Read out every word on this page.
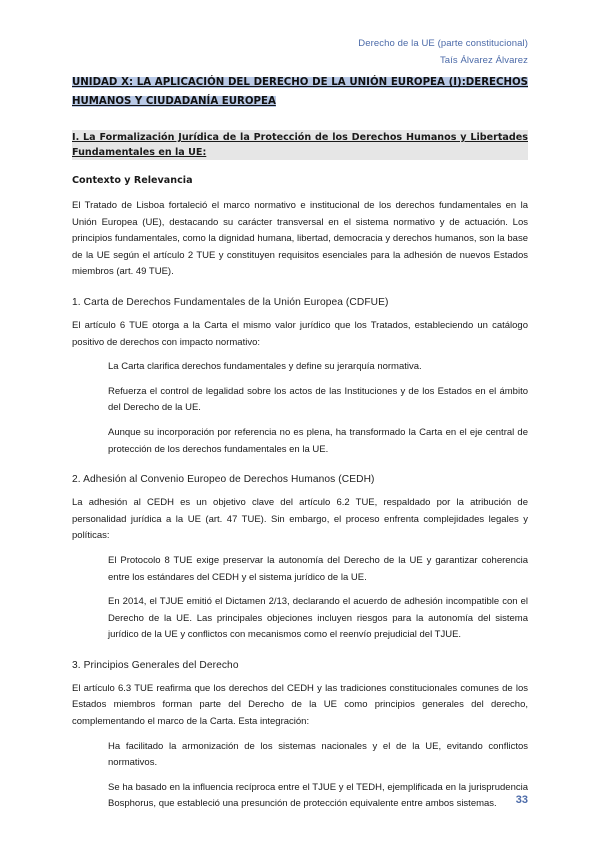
Derecho de la UE (parte constitucional)
Taís Álvarez Álvarez
UNIDAD X: LA APLICACIÓN DEL DERECHO DE LA UNIÓN EUROPEA (I):DERECHOS HUMANOS Y CIUDADANÍA EUROPEA
I. La Formalización Jurídica de la Protección de los Derechos Humanos y Libertades Fundamentales en la UE:
Contexto y Relevancia

El Tratado de Lisboa fortaleció el marco normativo e institucional de los derechos fundamentales en la Unión Europea (UE), destacando su carácter transversal en el sistema normativo y de actuación. Los principios fundamentales, como la dignidad humana, libertad, democracia y derechos humanos, son la base de la UE según el artículo 2 TUE y constituyen requisitos esenciales para la adhesión de nuevos Estados miembros (art. 49 TUE).

1. Carta de Derechos Fundamentales de la Unión Europea (CDFUE)

El artículo 6 TUE otorga a la Carta el mismo valor jurídico que los Tratados, estableciendo un catálogo positivo de derechos con impacto normativo:

La Carta clarifica derechos fundamentales y define su jerarquía normativa.

Refuerza el control de legalidad sobre los actos de las Instituciones y de los Estados en el ámbito del Derecho de la UE.

Aunque su incorporación por referencia no es plena, ha transformado la Carta en el eje central de protección de los derechos fundamentales en la UE.

2. Adhesión al Convenio Europeo de Derechos Humanos (CEDH)

La adhesión al CEDH es un objetivo clave del artículo 6.2 TUE, respaldado por la atribución de personalidad jurídica a la UE (art. 47 TUE). Sin embargo, el proceso enfrenta complejidades legales y políticas:

El Protocolo 8 TUE exige preservar la autonomía del Derecho de la UE y garantizar coherencia entre los estándares del CEDH y el sistema jurídico de la UE.

En 2014, el TJUE emitió el Dictamen 2/13, declarando el acuerdo de adhesión incompatible con el Derecho de la UE. Las principales objeciones incluyen riesgos para la autonomía del sistema jurídico de la UE y conflictos con mecanismos como el reenvío prejudicial del TJUE.

3. Principios Generales del Derecho

El artículo 6.3 TUE reafirma que los derechos del CEDH y las tradiciones constitucionales comunes de los Estados miembros forman parte del Derecho de la UE como principios generales del derecho, complementando el marco de la Carta. Esta integración:

Ha facilitado la armonización de los sistemas nacionales y el de la UE, evitando conflictos normativos.

Se ha basado en la influencia recíproca entre el TJUE y el TEDH, ejemplificada en la jurisprudencia Bosphorus, que estableció una presunción de protección equivalente entre ambos sistemas.	33
